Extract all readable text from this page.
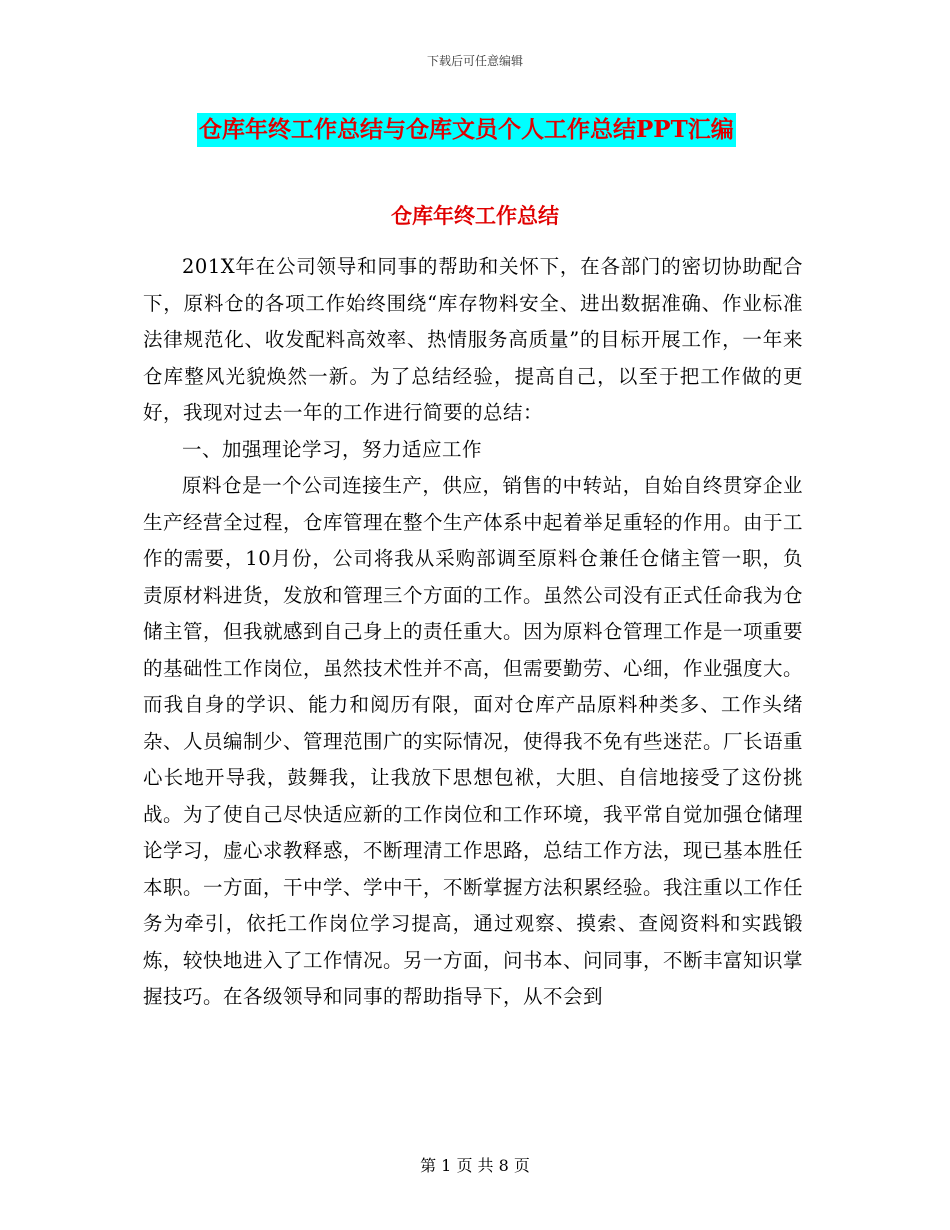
下载后可任意编辑
仓库年终工作总结与仓库文员个人工作总结PPT汇编
仓库年终工作总结

201X年在公司领导和同事的帮助和关怀下，在各部门的密切协助配合下，原料仓的各项工作始终围绕“库存物料安全、进出数据准确、作业标准法律规范化、收发配料高效率、热情服务高质量”的目标开展工作，一年来仓库整风光貌焕然一新。为了总结经验，提高自己，以至于把工作做的更好，我现对过去一年的工作进行简要的总结：

一、加强理论学习，努力适应工作

原料仓是一个公司连接生产，供应，销售的中转站，自始自终贯穿企业生产经营全过程，仓库管理在整个生产体系中起着举足重轻的作用。由于工作的需要，10月份，公司将我从采购部调至原料仓兼任仓储主管一职，负责原材料进货，发放和管理三个方面的工作。虽然公司没有正式任命我为仓储主管，但我就感到自己身上的责任重大。因为原料仓管理工作是一项重要的基础性工作岗位，虽然技术性并不高，但需要勤劳、心细，作业强度大。而我自身的学识、能力和阅历有限，面对仓库产品原料种类多、工作头绪杂、人员编制少、管理范围广的实际情况，使得我不免有些迷茫。厂长语重心长地开导我，鼓舞我，让我放下思想包袱，大胆、自信地接受了这份挑战。为了使自己尽快适应新的工作岗位和工作环境，我平常自觉加强仓储理论学习，虚心求教释惑，不断理清工作思路，总结工作方法，现已基本胜任本职。一方面，干中学、学中干，不断掌握方法积累经验。我注重以工作任务为牵引，依托工作岗位学习提高，通过观察、摸索、查阅资料和实践锻炼，较快地进入了工作情况。另一方面，问书本、问同事，不断丰富知识掌握技巧。在各级领导和同事的帮助指导下，从不会到

第 1 页 共 8 页
